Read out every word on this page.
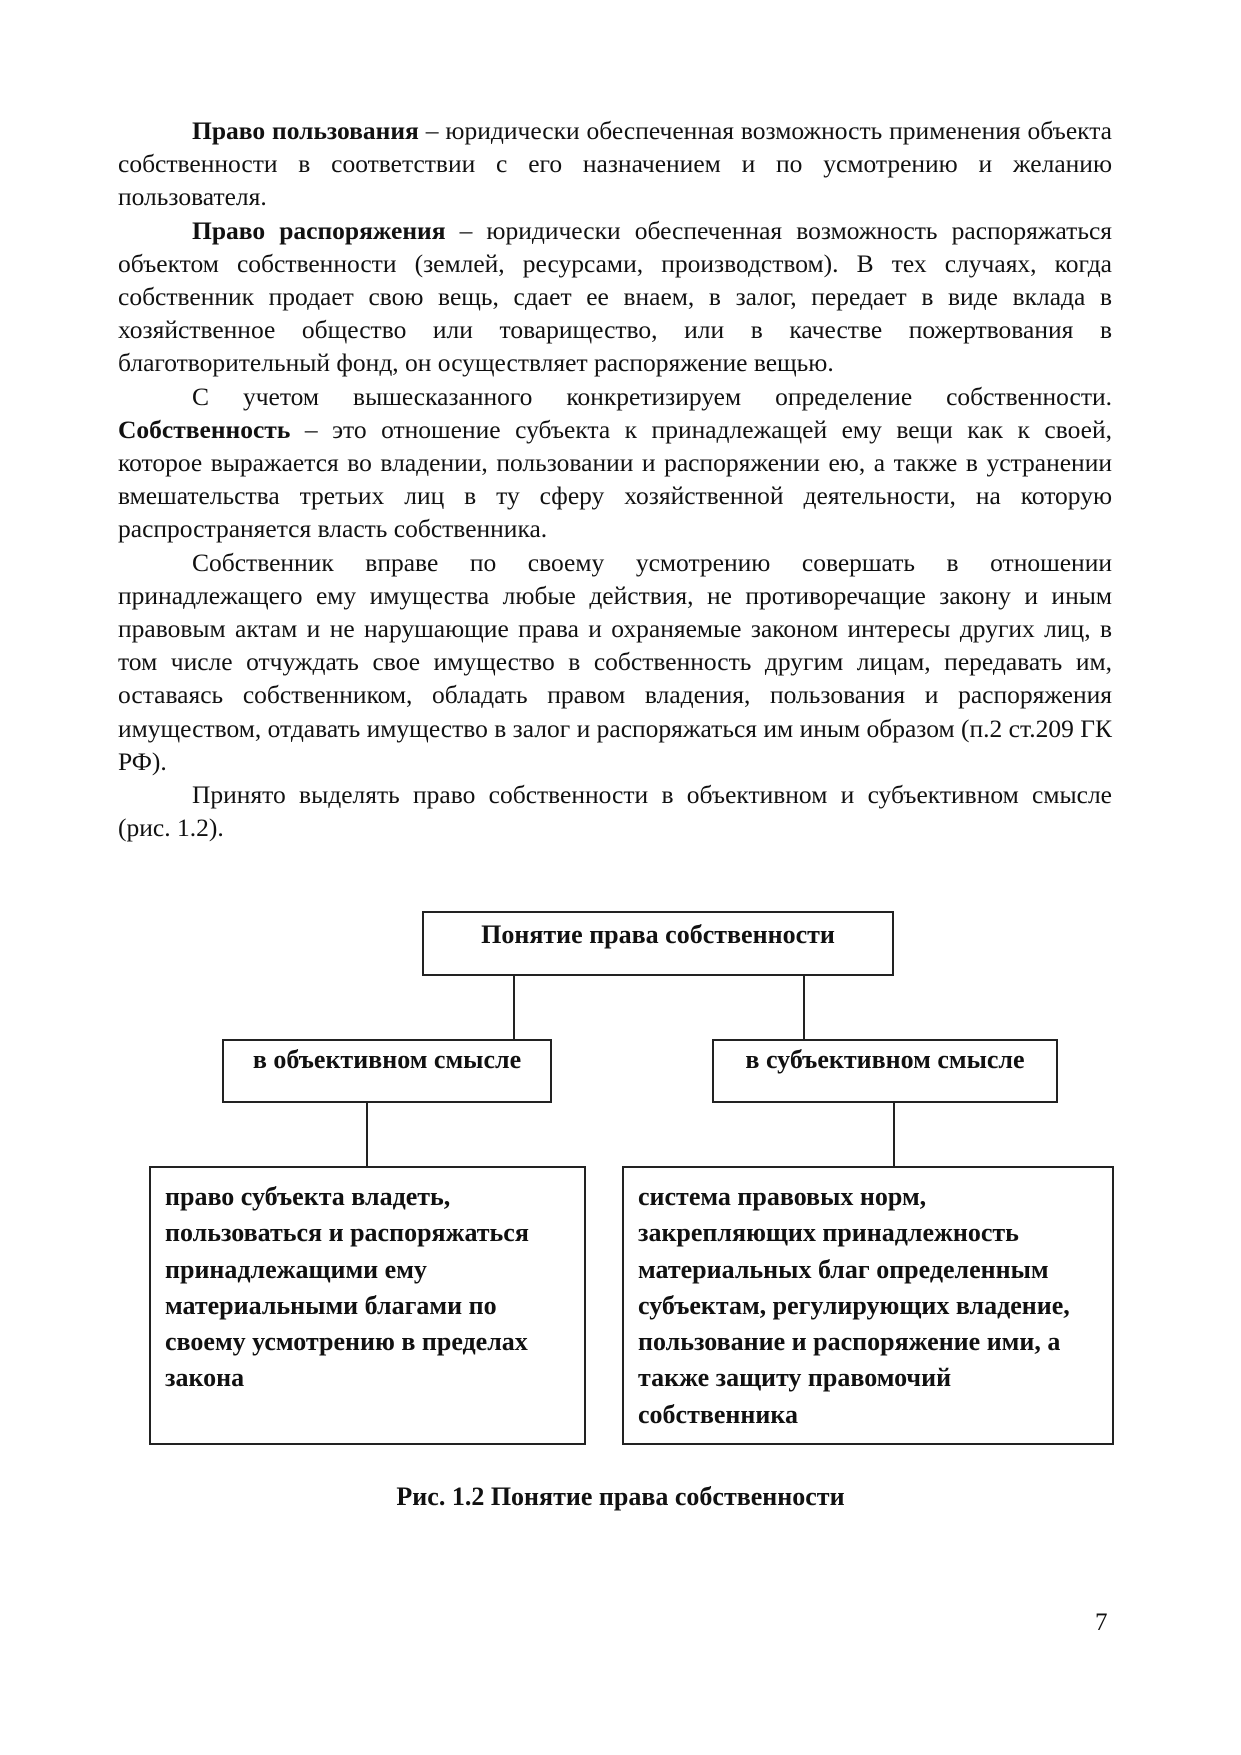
Право пользования – юридически обеспеченная возможность применения объекта собственности в соответствии с его назначением и по усмотрению и желанию пользователя.

Право распоряжения – юридически обеспеченная возможность распоряжаться объектом собственности (землей, ресурсами, производством). В тех случаях, когда собственник продает свою вещь, сдает ее внаем, в залог, передает в виде вклада в хозяйственное общество или товарищество, или в качестве пожертвования в благотворительный фонд, он осуществляет распоряжение вещью.

С учетом вышесказанного конкретизируем определение собственности. Собственность – это отношение субъекта к принадлежащей ему вещи как к своей, которое выражается во владении, пользовании и распоряжении ею, а также в устранении вмешательства третьих лиц в ту сферу хозяйственной деятельности, на которую распространяется власть собственника.

Собственник вправе по своему усмотрению совершать в отношении принадлежащего ему имущества любые действия, не противоречащие закону и иным правовым актам и не нарушающие права и охраняемые законом интересы других лиц, в том числе отчуждать свое имущество в собственность другим лицам, передавать им, оставаясь собственником, обладать правом владения, пользования и распоряжения имуществом, отдавать имущество в залог и распоряжаться им иным образом (п.2 ст.209 ГК РФ).

Принято выделять право собственности в объективном и субъективном смысле (рис. 1.2).

Понятие права собственности
в объективном смысле	в субъективном смысле
право субъекта владеть, пользоваться и распоряжаться принадлежащими ему материальными благами по своему усмотрению в пределах закона
система правовых норм, закрепляющих принадлежность материальных благ определенным субъектам, регулирующих владение, пользование и распоряжение ими, а также защиту правомочий собственника
Рис. 1.2 Понятие права собственности
7
